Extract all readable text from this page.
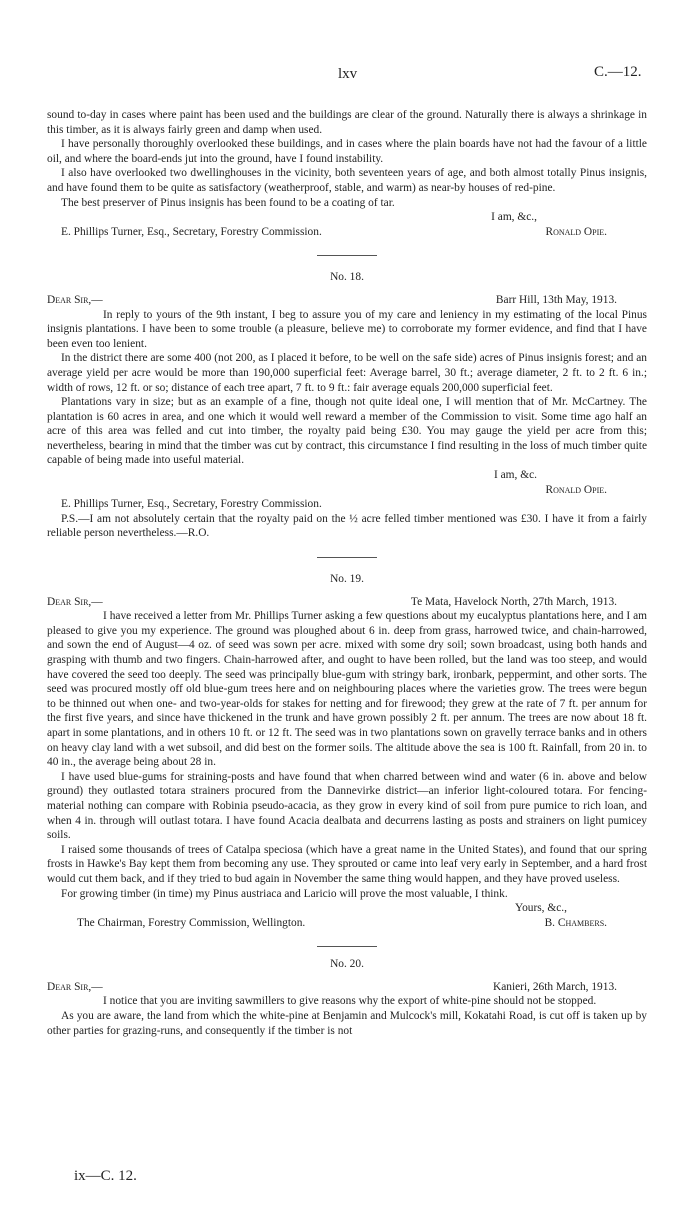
lxv	C.—12.

sound to-day in cases where paint has been used and the buildings are clear of the ground. Naturally there is always a shrinkage in this timber, as it is always fairly green and damp when used.

I have personally thoroughly overlooked these buildings, and in cases where the plain boards have not had the favour of a little oil, and where the board-ends jut into the ground, have I found instability.

I also have overlooked two dwellinghouses in the vicinity, both seventeen years of age, and both almost totally Pinus insignis, and have found them to be quite as satisfactory (weatherproof, stable, and warm) as near-by houses of red-pine.

The best preserver of Pinus insignis has been found to be a coating of tar.

I am, &c.,

E. Phillips Turner, Esq., Secretary, Forestry Commission.	Ronald Opie.
No. 18.
Dear Sir,—	Barr Hill, 13th May, 1913.

In reply to yours of the 9th instant, I beg to assure you of my care and leniency in my estimating of the local Pinus insignis plantations. I have been to some trouble (a pleasure, believe me) to corroborate my former evidence, and find that I have been even too lenient.

In the district there are some 400 (not 200, as I placed it before, to be well on the safe side) acres of Pinus insignis forest; and an average yield per acre would be more than 190,000 superficial feet: Average barrel, 30 ft.; average diameter, 2 ft. to 2 ft. 6 in.; width of rows, 12 ft. or so; distance of each tree apart, 7 ft. to 9 ft.: fair average equals 200,000 superficial feet.

Plantations vary in size; but as an example of a fine, though not quite ideal one, I will mention that of Mr. McCartney. The plantation is 60 acres in area, and one which it would well reward a member of the Commission to visit. Some time ago half an acre of this area was felled and cut into timber, the royalty paid being £30. You may gauge the yield per acre from this; nevertheless, bearing in mind that the timber was cut by contract, this circumstance I find resulting in the loss of much timber quite capable of being made into useful material.

I am, &c.

Ronald Opie.

E. Phillips Turner, Esq., Secretary, Forestry Commission.

P.S.—I am not absolutely certain that the royalty paid on the ½ acre felled timber mentioned was £30. I have it from a fairly reliable person nevertheless.—R.O.

No. 19.
Dear Sir,—	Te Mata, Havelock North, 27th March, 1913.

I have received a letter from Mr. Phillips Turner asking a few questions about my eucalyptus plantations here, and I am pleased to give you my experience. The ground was ploughed about 6 in. deep from grass, harrowed twice, and chain-harrowed, and sown the end of August—4 oz. of seed was sown per acre. mixed with some dry soil; sown broadcast, using both hands and grasping with thumb and two fingers. Chain-harrowed after, and ought to have been rolled, but the land was too steep, and would have covered the seed too deeply. The seed was principally blue-gum with stringy bark, ironbark, peppermint, and other sorts. The seed was procured mostly off old blue-gum trees here and on neighbouring places where the varieties grow. The trees were begun to be thinned out when one- and two-year-olds for stakes for netting and for firewood; they grew at the rate of 7 ft. per annum for the first five years, and since have thickened in the trunk and have grown possibly 2 ft. per annum. The trees are now about 18 ft. apart in some plantations, and in others 10 ft. or 12 ft. The seed was in two plantations sown on gravelly terrace banks and in others on heavy clay land with a wet subsoil, and did best on the former soils. The altitude above the sea is 100 ft. Rainfall, from 20 in. to 40 in., the average being about 28 in.

I have used blue-gums for straining-posts and have found that when charred between wind and water (6 in. above and below ground) they outlasted totara strainers procured from the Dannevirke district—an inferior light-coloured totara. For fencing-material nothing can compare with Robinia pseudo-acacia, as they grow in every kind of soil from pure pumice to rich loan, and when 4 in. through will outlast totara. I have found Acacia dealbata and decurrens lasting as posts and strainers on light pumicey soils.

I raised some thousands of trees of Catalpa speciosa (which have a great name in the United States), and found that our spring frosts in Hawke's Bay kept them from becoming any use. They sprouted or came into leaf very early in September, and a hard frost would cut them back, and if they tried to bud again in November the same thing would happen, and they have proved useless.

For growing timber (in time) my Pinus austriaca and Laricio will prove the most valuable, I think.

Yours, &c.,

The Chairman, Forestry Commission, Wellington.	B. Chambers.
No. 20.
Dear Sir,—	Kanieri, 26th March, 1913.

I notice that you are inviting sawmillers to give reasons why the export of white-pine should not be stopped.

As you are aware, the land from which the white-pine at Benjamin and Mulcock's mill, Kokatahi Road, is cut off is taken up by other parties for grazing-runs, and consequently if the timber is not

ix—C. 12.
